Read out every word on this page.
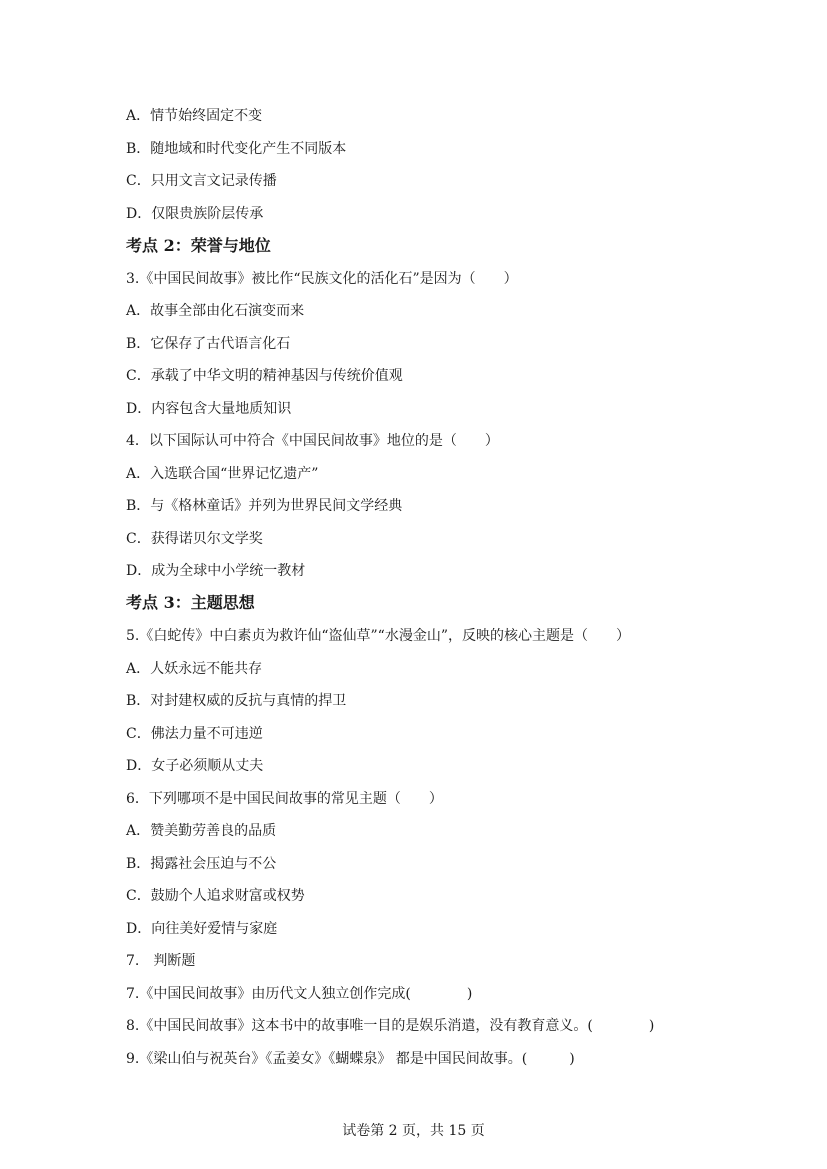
A．情节始终固定不变
B．随地域和时代变化产生不同版本
C．只用文言文记录传播
D．仅限贵族阶层传承
考点 2：荣誉与地位
3.《中国民间故事》被比作“民族文化的活化石”是因为（　　）
A．故事全部由化石演变而来
B．它保存了古代语言化石
C．承载了中华文明的精神基因与传统价值观
D．内容包含大量地质知识
4．以下国际认可中符合《中国民间故事》地位的是（　　）
A．入选联合国“世界记忆遗产”
B．与《格林童话》并列为世界民间文学经典
C．获得诺贝尔文学奖
D．成为全球中小学统一教材
考点 3：主题思想
5.《白蛇传》中白素贞为救许仙“盗仙草”“水漫金山”，反映的核心主题是（　　）
A．人妖永远不能共存
B．对封建权威的反抗与真情的捍卫
C．佛法力量不可违逆
D．女子必须顺从丈夫
6．下列哪项不是中国民间故事的常见主题（　　）
A．赞美勤劳善良的品质
B．揭露社会压迫与不公
C．鼓励个人追求财富或权势
D．向往美好爱情与家庭
7.　判断题
7.《中国民间故事》由历代文人独立创作完成(　　　　)
8.《中国民间故事》这本书中的故事唯一目的是娱乐消遣，没有教育意义。(　　　　)
9.《梁山伯与祝英台》《孟姜女》《蝴蝶泉》 都是中国民间故事。(　　　)
试卷第 2 页，共 15 页
